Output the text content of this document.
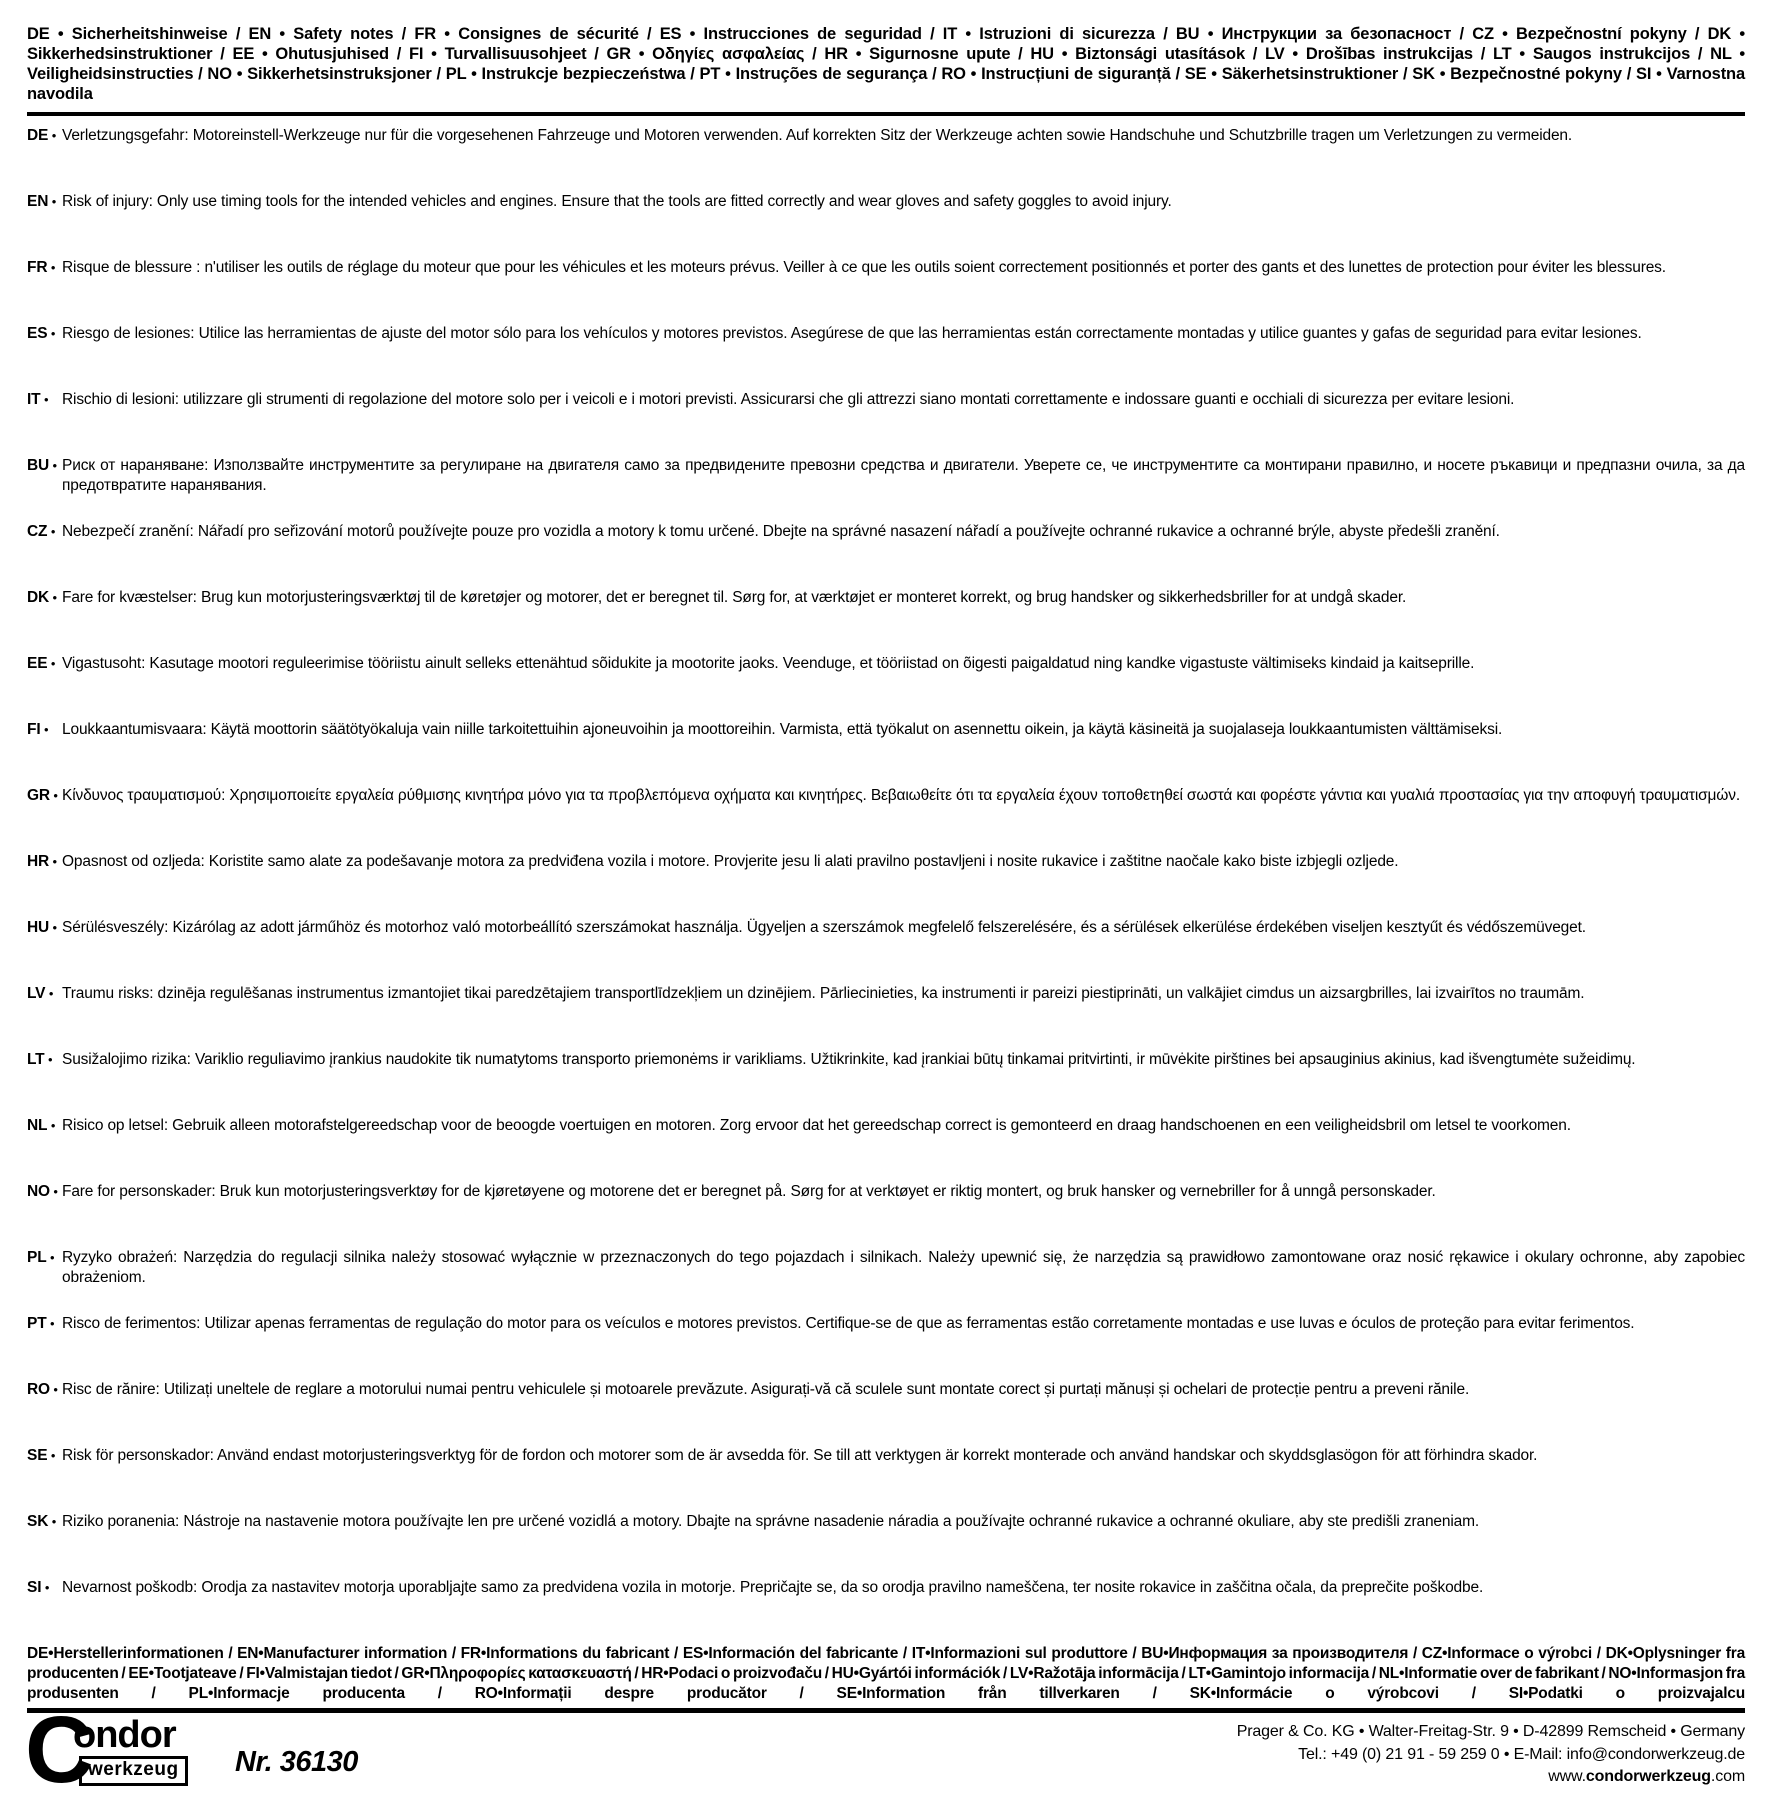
DE • Sicherheitshinweise / EN • Safety notes / FR • Consignes de sécurité / ES • Instrucciones de seguridad / IT • Istruzioni di sicurezza / BU • Инструкции за безопасност / CZ • Bezpečnostní pokyny / DK • Sikkerhedsinstruktioner / EE • Ohutusjuhised / FI • Turvallisuusohjeet / GR • Οδηγίες ασφαλείας / HR • Sigurnosne upute / HU • Biztonsági utasítások / LV • Drošības instrukcijas / LT • Saugos instrukcijos / NL • Veiligheidsinstructies / NO • Sikkerhetsinstruksjoner / PL • Instrukcje bezpieczeństwa / PT • Instruções de segurança / RO • Instrucțiuni de siguranță / SE • Säkerhetsinstruktioner / SK • Bezpečnostné pokyny / SI • Varnostna navodila
DE • Verletzungsgefahr: Motoreinstell-Werkzeuge nur für die vorgesehenen Fahrzeuge und Motoren verwenden. Auf korrekten Sitz der Werkzeuge achten sowie Handschuhe und Schutzbrille tragen um Verletzungen zu vermeiden.
EN • Risk of injury: Only use timing tools for the intended vehicles and engines. Ensure that the tools are fitted correctly and wear gloves and safety goggles to avoid injury.
FR • Risque de blessure : n'utiliser les outils de réglage du moteur que pour les véhicules et les moteurs prévus. Veiller à ce que les outils soient correctement positionnés et porter des gants et des lunettes de protection pour éviter les blessures.
ES • Riesgo de lesiones: Utilice las herramientas de ajuste del motor sólo para los vehículos y motores previstos. Asegúrese de que las herramientas están correctamente montadas y utilice guantes y gafas de seguridad para evitar lesiones.
IT • Rischio di lesioni: utilizzare gli strumenti di regolazione del motore solo per i veicoli e i motori previsti. Assicurarsi che gli attrezzi siano montati correttamente e indossare guanti e occhiali di sicurezza per evitare lesioni.
BU • Риск от нараняване: Използвайте инструментите за регулиране на двигателя само за предвидените превозни средства и двигатели. Уверете се, че инструментите са монтирани правилно, и носете ръкавици и предпазни очила, за да предотвратите наранявания.
CZ • Nebezpečí zranění: Nářadí pro seřizování motorů používejte pouze pro vozidla a motory k tomu určené. Dbejte na správné nasazení nářadí a používejte ochranné rukavice a ochranné brýle, abyste předešli zranění.
DK • Fare for kvæstelser: Brug kun motorjusteringsværktøj til de køretøjer og motorer, det er beregnet til. Sørg for, at værktøjet er monteret korrekt, og brug handsker og sikkerhedsbriller for at undgå skader.
EE • Vigastusoht: Kasutage mootori reguleerimise tööriistu ainult selleks ettenähtud sõidukite ja mootorite jaoks. Veenduge, et tööriistad on õigesti paigaldatud ning kandke vigastuste vältimiseks kindaid ja kaitseprille.
FI • Loukkaantumisvaara: Käytä moottorin säätötyökaluja vain niille tarkoitettuihin ajoneuvoihin ja moottoreihin. Varmista, että työkalut on asennettu oikein, ja käytä käsineitä ja suojalaseja loukkaantumisten välttämiseksi.
GR • Κίνδυνος τραυματισμού: Χρησιμοποιείτε εργαλεία ρύθμισης κινητήρα μόνο για τα προβλεπόμενα οχήματα και κινητήρες. Βεβαιωθείτε ότι τα εργαλεία έχουν τοποθετηθεί σωστά και φορέστε γάντια και γυαλιά προστασίας για την αποφυγή τραυματισμών.
HR • Opasnost od ozljeda: Koristite samo alate za podešavanje motora za predviđena vozila i motore. Provjerite jesu li alati pravilno postavljeni i nosite rukavice i zaštitne naočale kako biste izbjegli ozljede.
HU • Sérülésveszély: Kizárólag az adott járműhöz és motorhoz való motorbeállító szerszámokat használja. Ügyeljen a szerszámok megfelelő felszerelésére, és a sérülések elkerülése érdekében viseljen kesztyűt és védőszemüveget.
LV • Traumu risks: dzinēja regulēšanas instrumentus izmantojiet tikai paredzētajiem transportlīdzekļiem un dzinējiem. Pārliecinieties, ka instrumenti ir pareizi piestiprināti, un valkājiet cimdus un aizsargbrilles, lai izvairītos no traumām.
LT • Susižalojimo rizika: Variklio reguliavimo įrankius naudokite tik numatytoms transporto priemonėms ir varikliams. Užtikrinkite, kad įrankiai būtų tinkamai pritvirtinti, ir mūvėkite pirštines bei apsauginius akinius, kad išvengtumėte sužeidimų.
NL • Risico op letsel: Gebruik alleen motorafstelgereedschap voor de beoogde voertuigen en motoren. Zorg ervoor dat het gereedschap correct is gemonteerd en draag handschoenen en een veiligheidsbril om letsel te voorkomen.
NO • Fare for personskader: Bruk kun motorjusteringsverktøy for de kjøretøyene og motorene det er beregnet på. Sørg for at verktøyet er riktig montert, og bruk hansker og vernebriller for å unngå personskader.
PL • Ryzyko obrażeń: Narzędzia do regulacji silnika należy stosować wyłącznie w przeznaczonych do tego pojazdach i silnikach. Należy upewnić się, że narzędzia są prawidłowo zamontowane oraz nosić rękawice i okulary ochronne, aby zapobiec obrażeniom.
PT • Risco de ferimentos: Utilizar apenas ferramentas de regulação do motor para os veículos e motores previstos. Certifique-se de que as ferramentas estão corretamente montadas e use luvas e óculos de proteção para evitar ferimentos.
RO • Risc de rănire: Utilizați uneltele de reglare a motorului numai pentru vehiculele și motoarele prevăzute. Asigurați-vă că sculele sunt montate corect și purtați mănuși și ochelari de protecție pentru a preveni rănile.
SE • Risk för personskador: Använd endast motorjusteringsverktyg för de fordon och motorer som de är avsedda för. Se till att verktygen är korrekt monterade och använd handskar och skyddsglasögon för att förhindra skador.
SK • Riziko poranenia: Nástroje na nastavenie motora používajte len pre určené vozidlá a motory. Dbajte na správne nasadenie náradia a používajte ochranné rukavice a ochranné okuliare, aby ste predišli zraneniam.
SI • Nevarnost poškodb: Orodja za nastavitev motorja uporabljajte samo za predvidena vozila in motorje. Prepričajte se, da so orodja pravilno nameščena, ter nosite rokavice in zaščitna očala, da preprečite poškodbe.
DE•Herstellerinformationen / EN•Manufacturer information / FR•Informations du fabricant / ES•Información del fabricante / IT•Informazioni sul produttore / BU•Информация за производителя / CZ•Informace o výrobci / DK•Oplysninger fra producenten / EE•Tootjateave / FI•Valmistajan tiedot / GR•Πληροφορίες κατασκευαστή / HR•Podaci o proizvođaču / HU•Gyártói információk / LV•Ražotāja informācija / LT•Gamintojo informacija / NL•Informatie over de fabrikant / NO•Informasjon fra produsenten / PL•Informacje producenta / RO•Informații despre producător / SE•Information från tillverkaren / SK•Informácie o výrobcovi / SI•Podatki o proizvajalcu
C
ondor
werkzeug	Nr. 36130
Prager & Co. KG • Walter-Freitag-Str. 9 • D-42899 Remscheid • Germany
Tel.: +49 (0) 21 91 - 59 259 0 • E-Mail: info@condorwerkzeug.de
www.condorwerkzeug.com
